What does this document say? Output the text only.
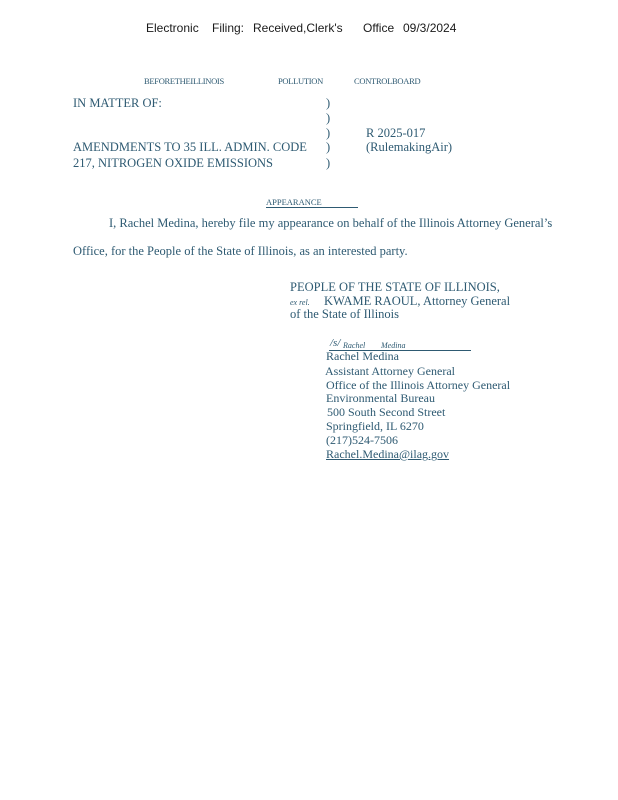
Electronic Filing: Received,Clerk's Office 09/3/2024
BEFORETHEILLINOIS	POLLUTION	CONTROLBOARD
IN MATTER OF:	)
)
)	R 2025-017
AMENDMENTS TO 35 ILL. ADMIN. CODE )	(RulemakingAir)
217, NITROGEN OXIDE EMISSIONS	)
APPEARANCE
I, Rachel Medina, hereby file my appearance on behalf of the Illinois Attorney General’s
Office, for the People of the State of Illinois, as an interested party.
PEOPLE OF THE STATE OF ILLINOIS,
ex rel. KWAME RAOUL, Attorney General
of the State of Illinois
/s/ Rachel Medina
Rachel Medina
Assistant Attorney General
Office of the Illinois Attorney General
Environmental Bureau
500 South Second Street
Springfield, IL 6270
(217)524-7506
Rachel.Medina@ilag.gov
